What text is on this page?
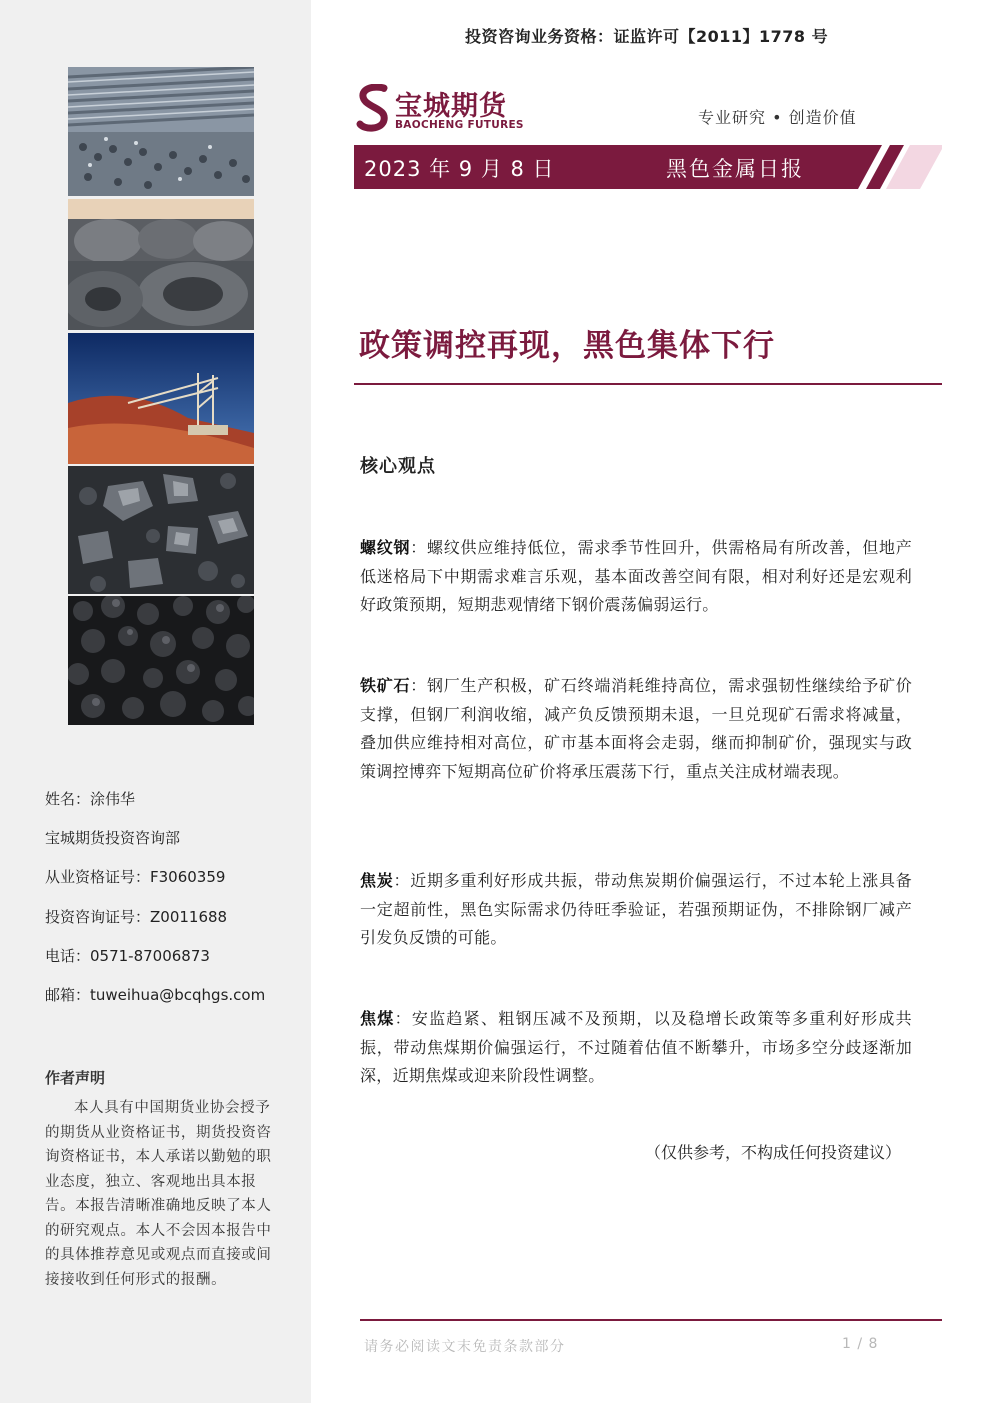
姓名：涂伟华
宝城期货投资咨询部
从业资格证号：F3060359
投资咨询证号：Z0011688
电话：0571-87006873
邮箱：tuweihua@bcqhgs.com
作者声明
本人具有中国期货业协会授予的期货从业资格证书，期货投资咨询资格证书，本人承诺以勤勉的职业态度，独立、客观地出具本报告。本报告清晰准确地反映了本人的研究观点。本人不会因本报告中的具体推荐意见或观点而直接或间接接收到任何形式的报酬。
投资咨询业务资格：证监许可【2011】1778 号
宝城期货
BAOCHENG FUTURES	专业研究 • 创造价值
2023 年 9 月 8 日	黑色金属日报
政策调控再现，黑色集体下行
核心观点
螺纹钢：螺纹供应维持低位，需求季节性回升，供需格局有所改善，但地产低迷格局下中期需求难言乐观，基本面改善空间有限，相对利好还是宏观利好政策预期，短期悲观情绪下钢价震荡偏弱运行。
铁矿石：钢厂生产积极，矿石终端消耗维持高位，需求强韧性继续给予矿价支撑，但钢厂利润收缩，减产负反馈预期未退，一旦兑现矿石需求将减量，叠加供应维持相对高位，矿市基本面将会走弱，继而抑制矿价，强现实与政策调控博弈下短期高位矿价将承压震荡下行，重点关注成材端表现。
焦炭：近期多重利好形成共振，带动焦炭期价偏强运行，不过本轮上涨具备一定超前性，黑色实际需求仍待旺季验证，若强预期证伪，不排除钢厂减产引发负反馈的可能。
焦煤：安监趋紧、粗钢压减不及预期，以及稳增长政策等多重利好形成共振，带动焦煤期价偏强运行，不过随着估值不断攀升，市场多空分歧逐渐加深，近期焦煤或迎来阶段性调整。
（仅供参考，不构成任何投资建议）
请务必阅读文末免责条款部分	1 / 8
